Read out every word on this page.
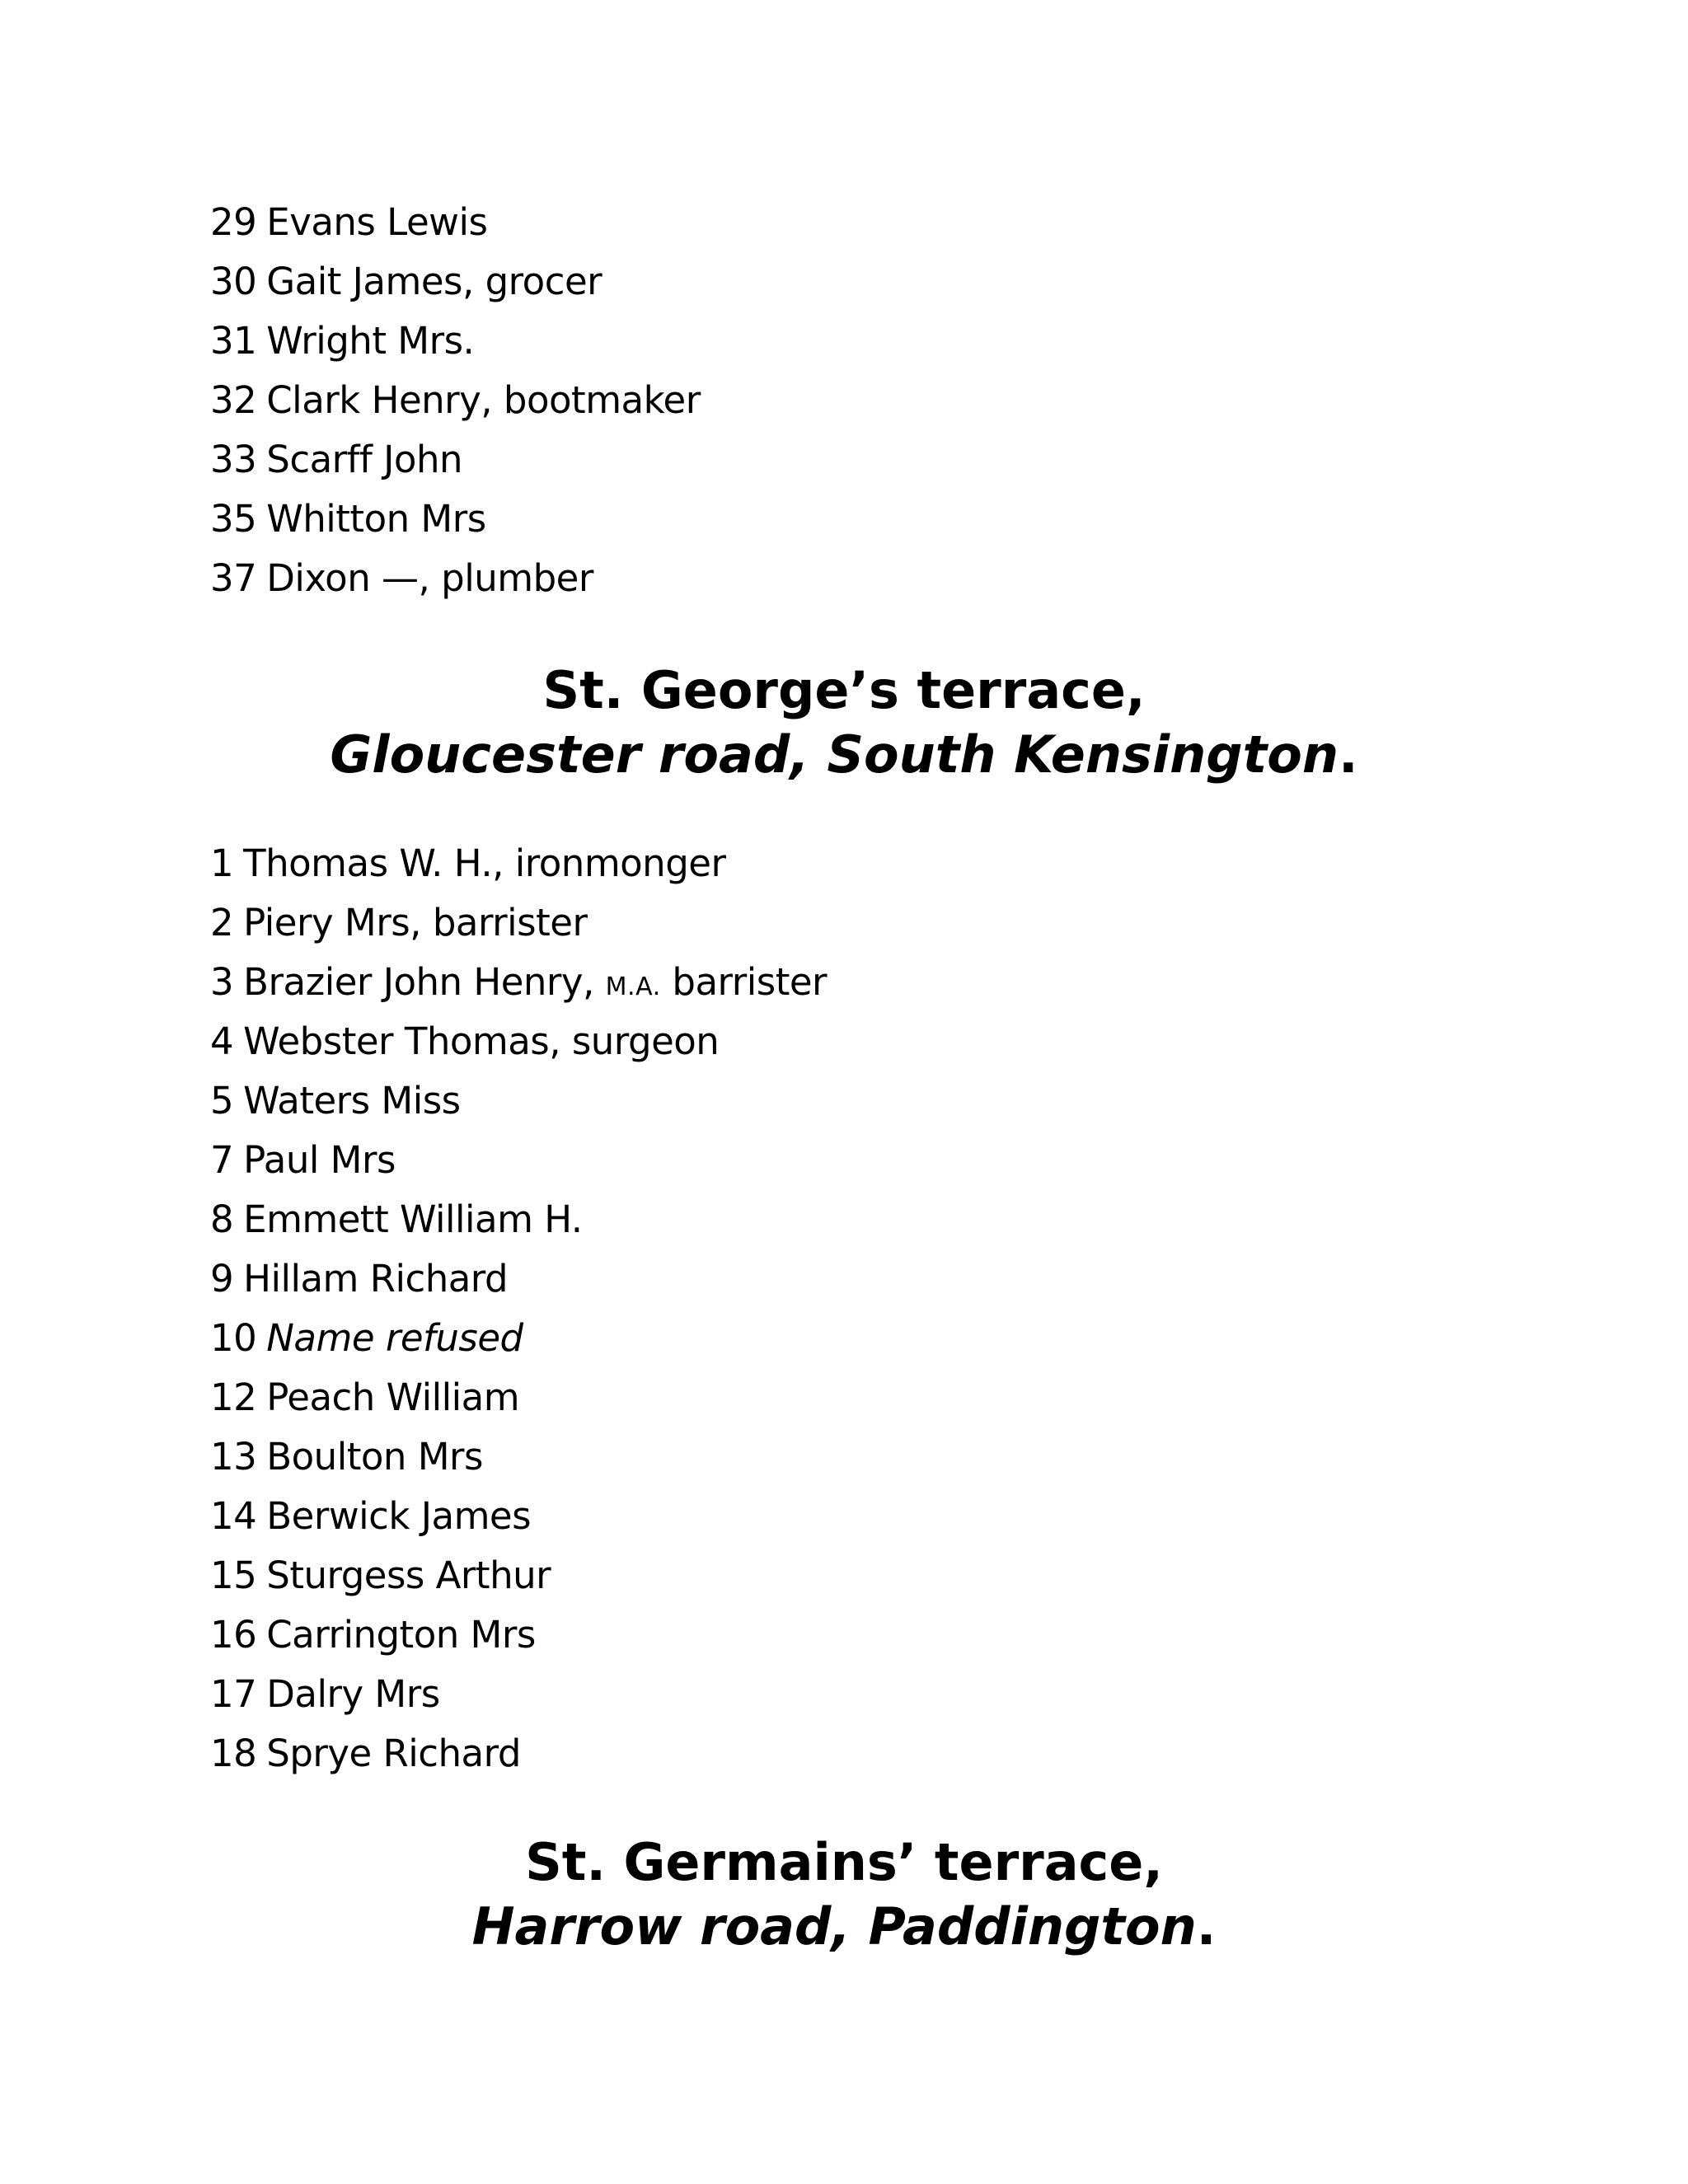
29 Evans Lewis
30 Gait James, grocer
31 Wright Mrs.
32 Clark Henry, bootmaker
33 Scarff John
35 Whitton Mrs
37 Dixon —, plumber
St. George’s terrace,
Gloucester road, South Kensington.
1 Thomas W. H., ironmonger
2 Piery Mrs, barrister
3 Brazier John Henry, M.A. barrister
4 Webster Thomas, surgeon
5 Waters Miss
7 Paul Mrs
8 Emmett William H.
9 Hillam Richard
10 Name refused
12 Peach William
13 Boulton Mrs
14 Berwick James
15 Sturgess Arthur
16 Carrington Mrs
17 Dalry Mrs
18 Sprye Richard
St. Germains’ terrace,
Harrow road, Paddington.
